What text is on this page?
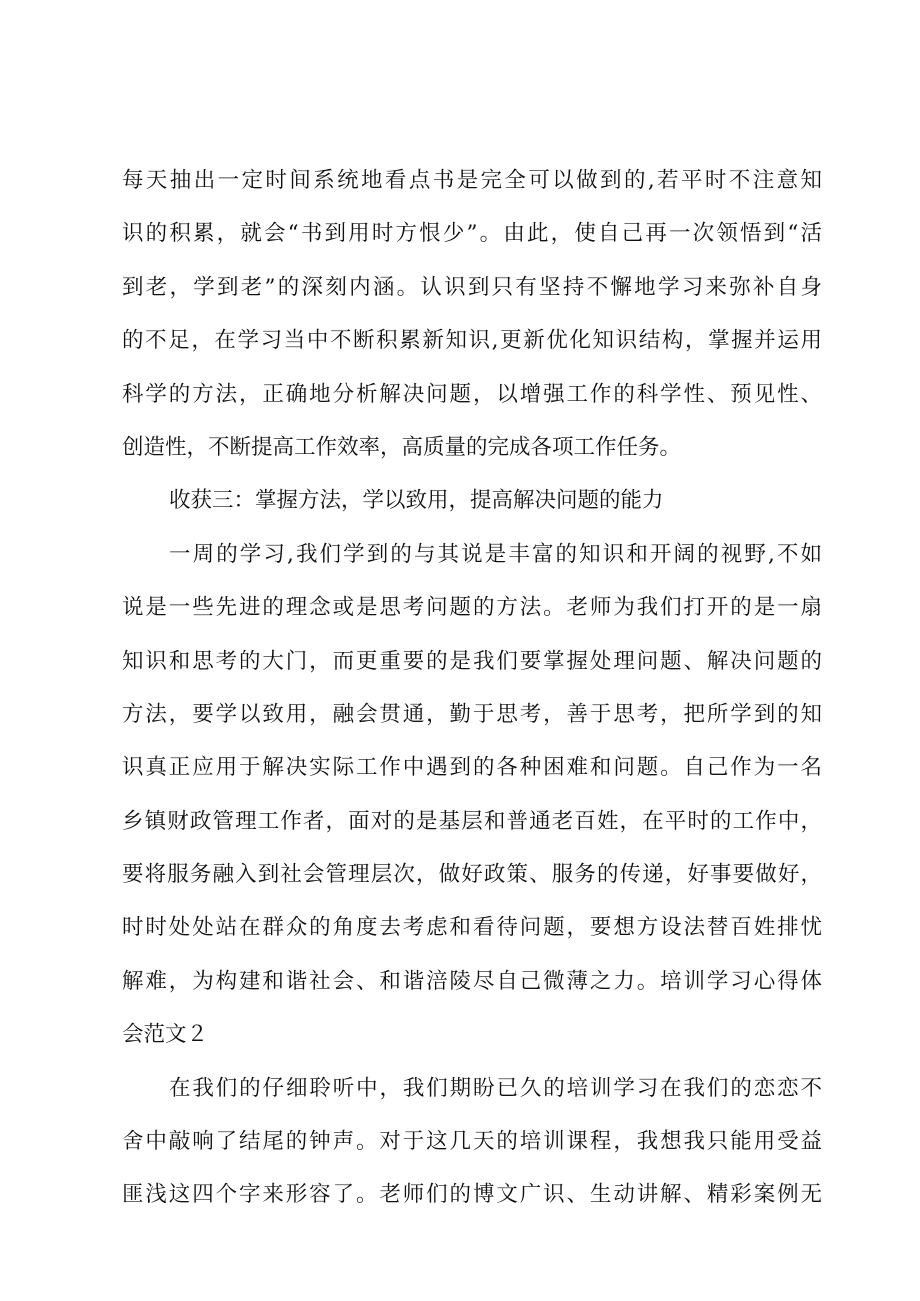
每天抽出一定时间系统地看点书是完全可以做到的,若平时不注意知
识的积累，就会“书到用时方恨少”。由此，使自己再一次领悟到“活
到老，学到老”的深刻内涵。认识到只有坚持不懈地学习来弥补自身
的不足，在学习当中不断积累新知识,更新优化知识结构，掌握并运用
科学的方法，正确地分析解决问题，以增强工作的科学性、预见性、
创造性，不断提高工作效率，高质量的完成各项工作任务。
收获三：掌握方法，学以致用，提高解决问题的能力
一周的学习,我们学到的与其说是丰富的知识和开阔的视野,不如
说是一些先进的理念或是思考问题的方法。老师为我们打开的是一扇
知识和思考的大门，而更重要的是我们要掌握处理问题、解决问题的
方法，要学以致用，融会贯通，勤于思考，善于思考，把所学到的知
识真正应用于解决实际工作中遇到的各种困难和问题。自己作为一名
乡镇财政管理工作者，面对的是基层和普通老百姓，在平时的工作中，
要将服务融入到社会管理层次，做好政策、服务的传递，好事要做好，
时时处处站在群众的角度去考虑和看待问题，要想方设法替百姓排忧
解难，为构建和谐社会、和谐涪陵尽自己微薄之力。培训学习心得体
会范文２
在我们的仔细聆听中，我们期盼已久的培训学习在我们的恋恋不
舍中敲响了结尾的钟声。对于这几天的培训课程，我想我只能用受益
匪浅这四个字来形容了。老师们的博文广识、生动讲解、精彩案例无
